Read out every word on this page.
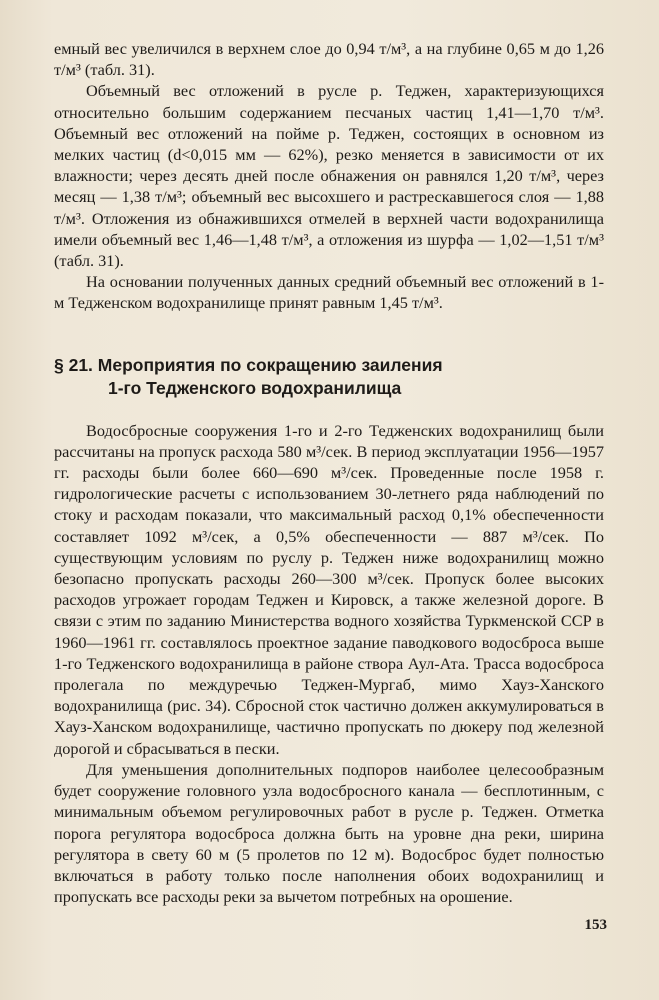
емный вес увеличился в верхнем слое до 0,94 т/м³, а на глубине 0,65 м до 1,26 т/м³ (табл. 31).

Объемный вес отложений в русле р. Теджен, характеризующихся относительно большим содержанием песчаных частиц 1,41—1,70 т/м³. Объемный вес отложений на пойме р. Теджен, состоящих в основном из мелких частиц (d<0,015 мм — 62%), резко меняется в зависимости от их влажности; через десять дней после обнажения он равнялся 1,20 т/м³, через месяц — 1,38 т/м³; объемный вес высохшего и растрескавшегося слоя — 1,88 т/м³. Отложения из обнажившихся отмелей в верхней части водохранилища имели объемный вес 1,46—1,48 т/м³, а отложения из шурфа — 1,02—1,51 т/м³ (табл. 31).

На основании полученных данных средний объемный вес отложений в 1-м Тедженском водохранилище принят равным 1,45 т/м³.

§ 21. Мероприятия по сокращению заиления
1-го Тедженского водохранилища

Водосбросные сооружения 1-го и 2-го Тедженских водохранилищ были рассчитаны на пропуск расхода 580 м³/сек. В период эксплуатации 1956—1957 гг. расходы были более 660—690 м³/сек. Проведенные после 1958 г. гидрологические расчеты с использованием 30-летнего ряда наблюдений по стоку и расходам показали, что максимальный расход 0,1% обеспеченности составляет 1092 м³/сек, а 0,5% обеспеченности — 887 м³/сек. По существующим условиям по руслу р. Теджен ниже водохранилищ можно безопасно пропускать расходы 260—300 м³/сек. Пропуск более высоких расходов угрожает городам Теджен и Кировск, а также железной дороге. В связи с этим по заданию Министерства водного хозяйства Туркменской ССР в 1960—1961 гг. составлялось проектное задание паводкового водосброса выше 1-го Тедженского водохранилища в районе створа Аул-Ата. Трасса водосброса пролегала по междуречью Теджен-Мургаб, мимо Хауз-Ханского водохранилища (рис. 34). Сбросной сток частично должен аккумулироваться в Хауз-Ханском водохранилище, частично пропускать по дюкеру под железной дорогой и сбрасываться в пески.

Для уменьшения дополнительных подпоров наиболее целесообразным будет сооружение головного узла водосбросного канала — бесплотинным, с минимальным объемом регулировочных работ в русле р. Теджен. Отметка порога регулятора водосброса должна быть на уровне дна реки, ширина регулятора в свету 60 м (5 пролетов по 12 м). Водосброс будет полностью включаться в работу только после наполнения обоих водохранилищ и пропускать все расходы реки за вычетом потребных на орошение.

153
